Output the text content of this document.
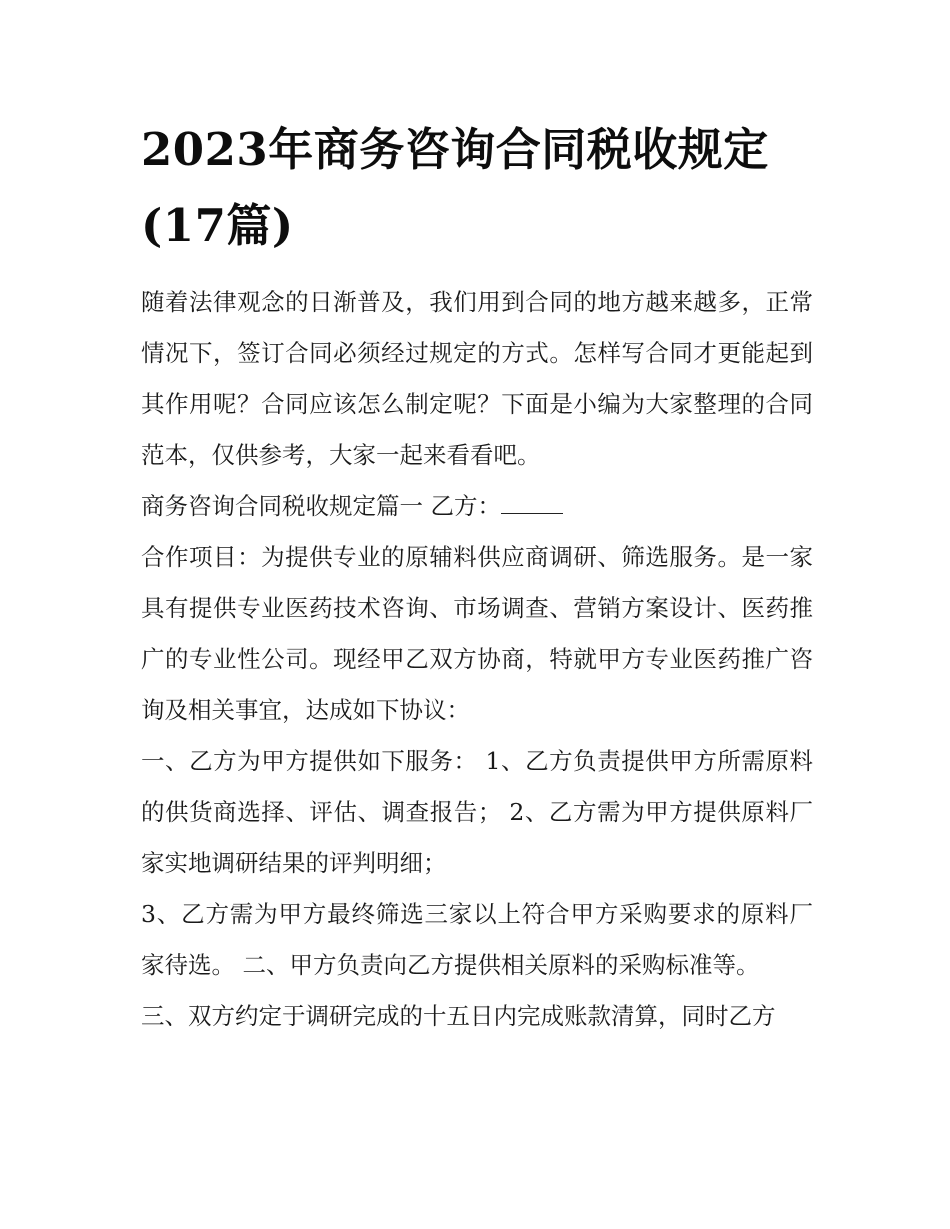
2023年商务咨询合同税收规定(17篇)

随着法律观念的日渐普及，我们用到合同的地方越来越多，正常情况下，签订合同必须经过规定的方式。怎样写合同才更能起到其作用呢？合同应该怎么制定呢？下面是小编为大家整理的合同范本，仅供参考，大家一起来看看吧。

商务咨询合同税收规定篇一 乙方：

合作项目：为提供专业的原辅料供应商调研、筛选服务。是一家具有提供专业医药技术咨询、市场调查、营销方案设计、医药推广的专业性公司。现经甲乙双方协商，特就甲方专业医药推广咨询及相关事宜，达成如下协议：

一、乙方为甲方提供如下服务： 1、乙方负责提供甲方所需原料的供货商选择、评估、调查报告； 2、乙方需为甲方提供原料厂家实地调研结果的评判明细；

3、乙方需为甲方最终筛选三家以上符合甲方采购要求的原料厂家待选。 二、甲方负责向乙方提供相关原料的采购标准等。

三、双方约定于调研完成的十五日内完成账款清算，同时乙方
